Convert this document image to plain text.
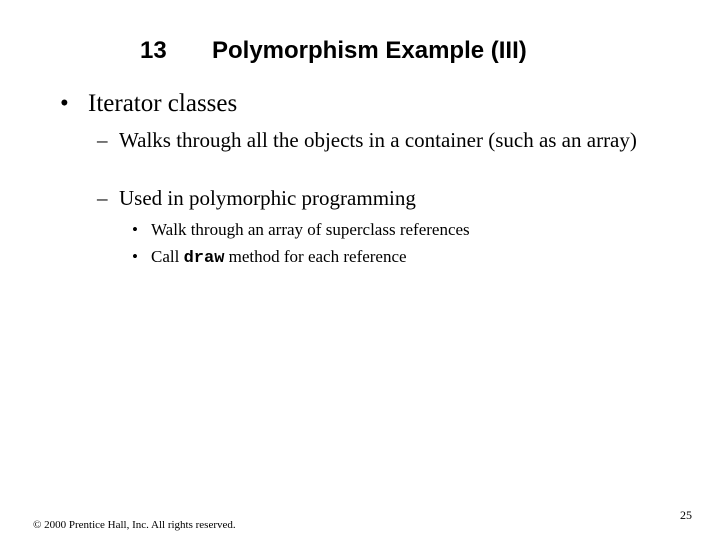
13 Polymorphism Example (III)
• Iterator classes
– Walks through all the objects in a container (such as an array)
– Used in polymorphic programming
• Walk through an array of superclass references
• Call draw method for each reference
© 2000 Prentice Hall, Inc. All rights reserved.
25
